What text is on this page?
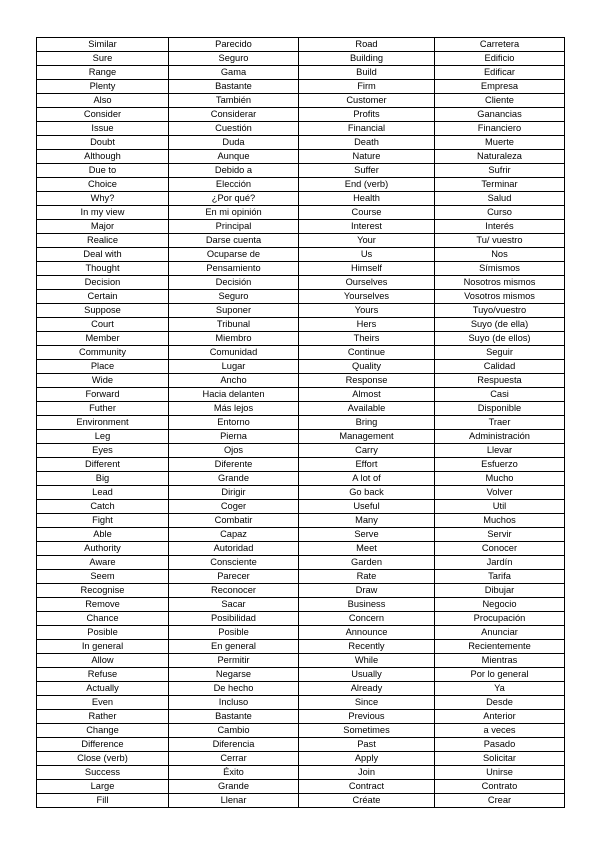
Similar	Parecido	Road	Carretera
Sure	Seguro	Building	Edificio
Range	Gama	Build	Edificar
Plenty	Bastante	Firm	Empresa
Also	También	Customer	Cliente
Consider	Considerar	Profits	Ganancias
Issue	Cuestión	Financial	Financiero
Doubt	Duda	Death	Muerte
Although	Aunque	Nature	Naturaleza
Due to	Debido a	Suffer	Sufrir
Choice	Elección	End (verb)	Terminar
Why?	¿Por qué?	Health	Salud
In my view	En mi opinión	Course	Curso
Major	Principal	Interest	Interés
Realice	Darse cuenta	Your	Tu/ vuestro
Deal with	Ocuparse de	Us	Nos
Thought	Pensamiento	Himself	Símismos
Decision	Decisión	Ourselves	Nosotros mismos
Certain	Seguro	Yourselves	Vosotros mismos
Suppose	Suponer	Yours	Tuyo/vuestro
Court	Tribunal	Hers	Suyo (de ella)
Member	Miembro	Theirs	Suyo (de ellos)
Community	Comunidad	Continue	Seguir
Place	Lugar	Quality	Calidad
Wide	Ancho	Response	Respuesta
Forward	Hacia delanten	Almost	Casi
Futher	Más lejos	Available	Disponible
Environment	Entorno	Bring	Traer
Leg	Pierna	Management	Administración
Eyes	Ojos	Carry	Llevar
Different	Diferente	Effort	Esfuerzo
Big	Grande	A lot of	Mucho
Lead	Dirigir	Go back	Volver
Catch	Coger	Useful	Util
Fight	Combatir	Many	Muchos
Able	Capaz	Serve	Servir
Authority	Autoridad	Meet	Conocer
Aware	Consciente	Garden	Jardín
Seem	Parecer	Rate	Tarifa
Recognise	Reconocer	Draw	Dibujar
Remove	Sacar	Business	Negocio
Chance	Posibilidad	Concern	Procupación
Posible	Posible	Announce	Anunciar
In general	En general	Recently	Recientemente
Allow	Permitir	While	Mientras
Refuse	Negarse	Usually	Por lo general
Actually	De hecho	Already	Ya
Even	Incluso	Since	Desde
Rather	Bastante	Previous	Anterior
Change	Cambio	Sometimes	a veces
Difference	Diferencia	Past	Pasado
Close (verb)	Cerrar	Apply	Solicitar
Success	Éxito	Join	Unirse
Large	Grande	Contract	Contrato
Fill	Llenar	Créate	Crear
